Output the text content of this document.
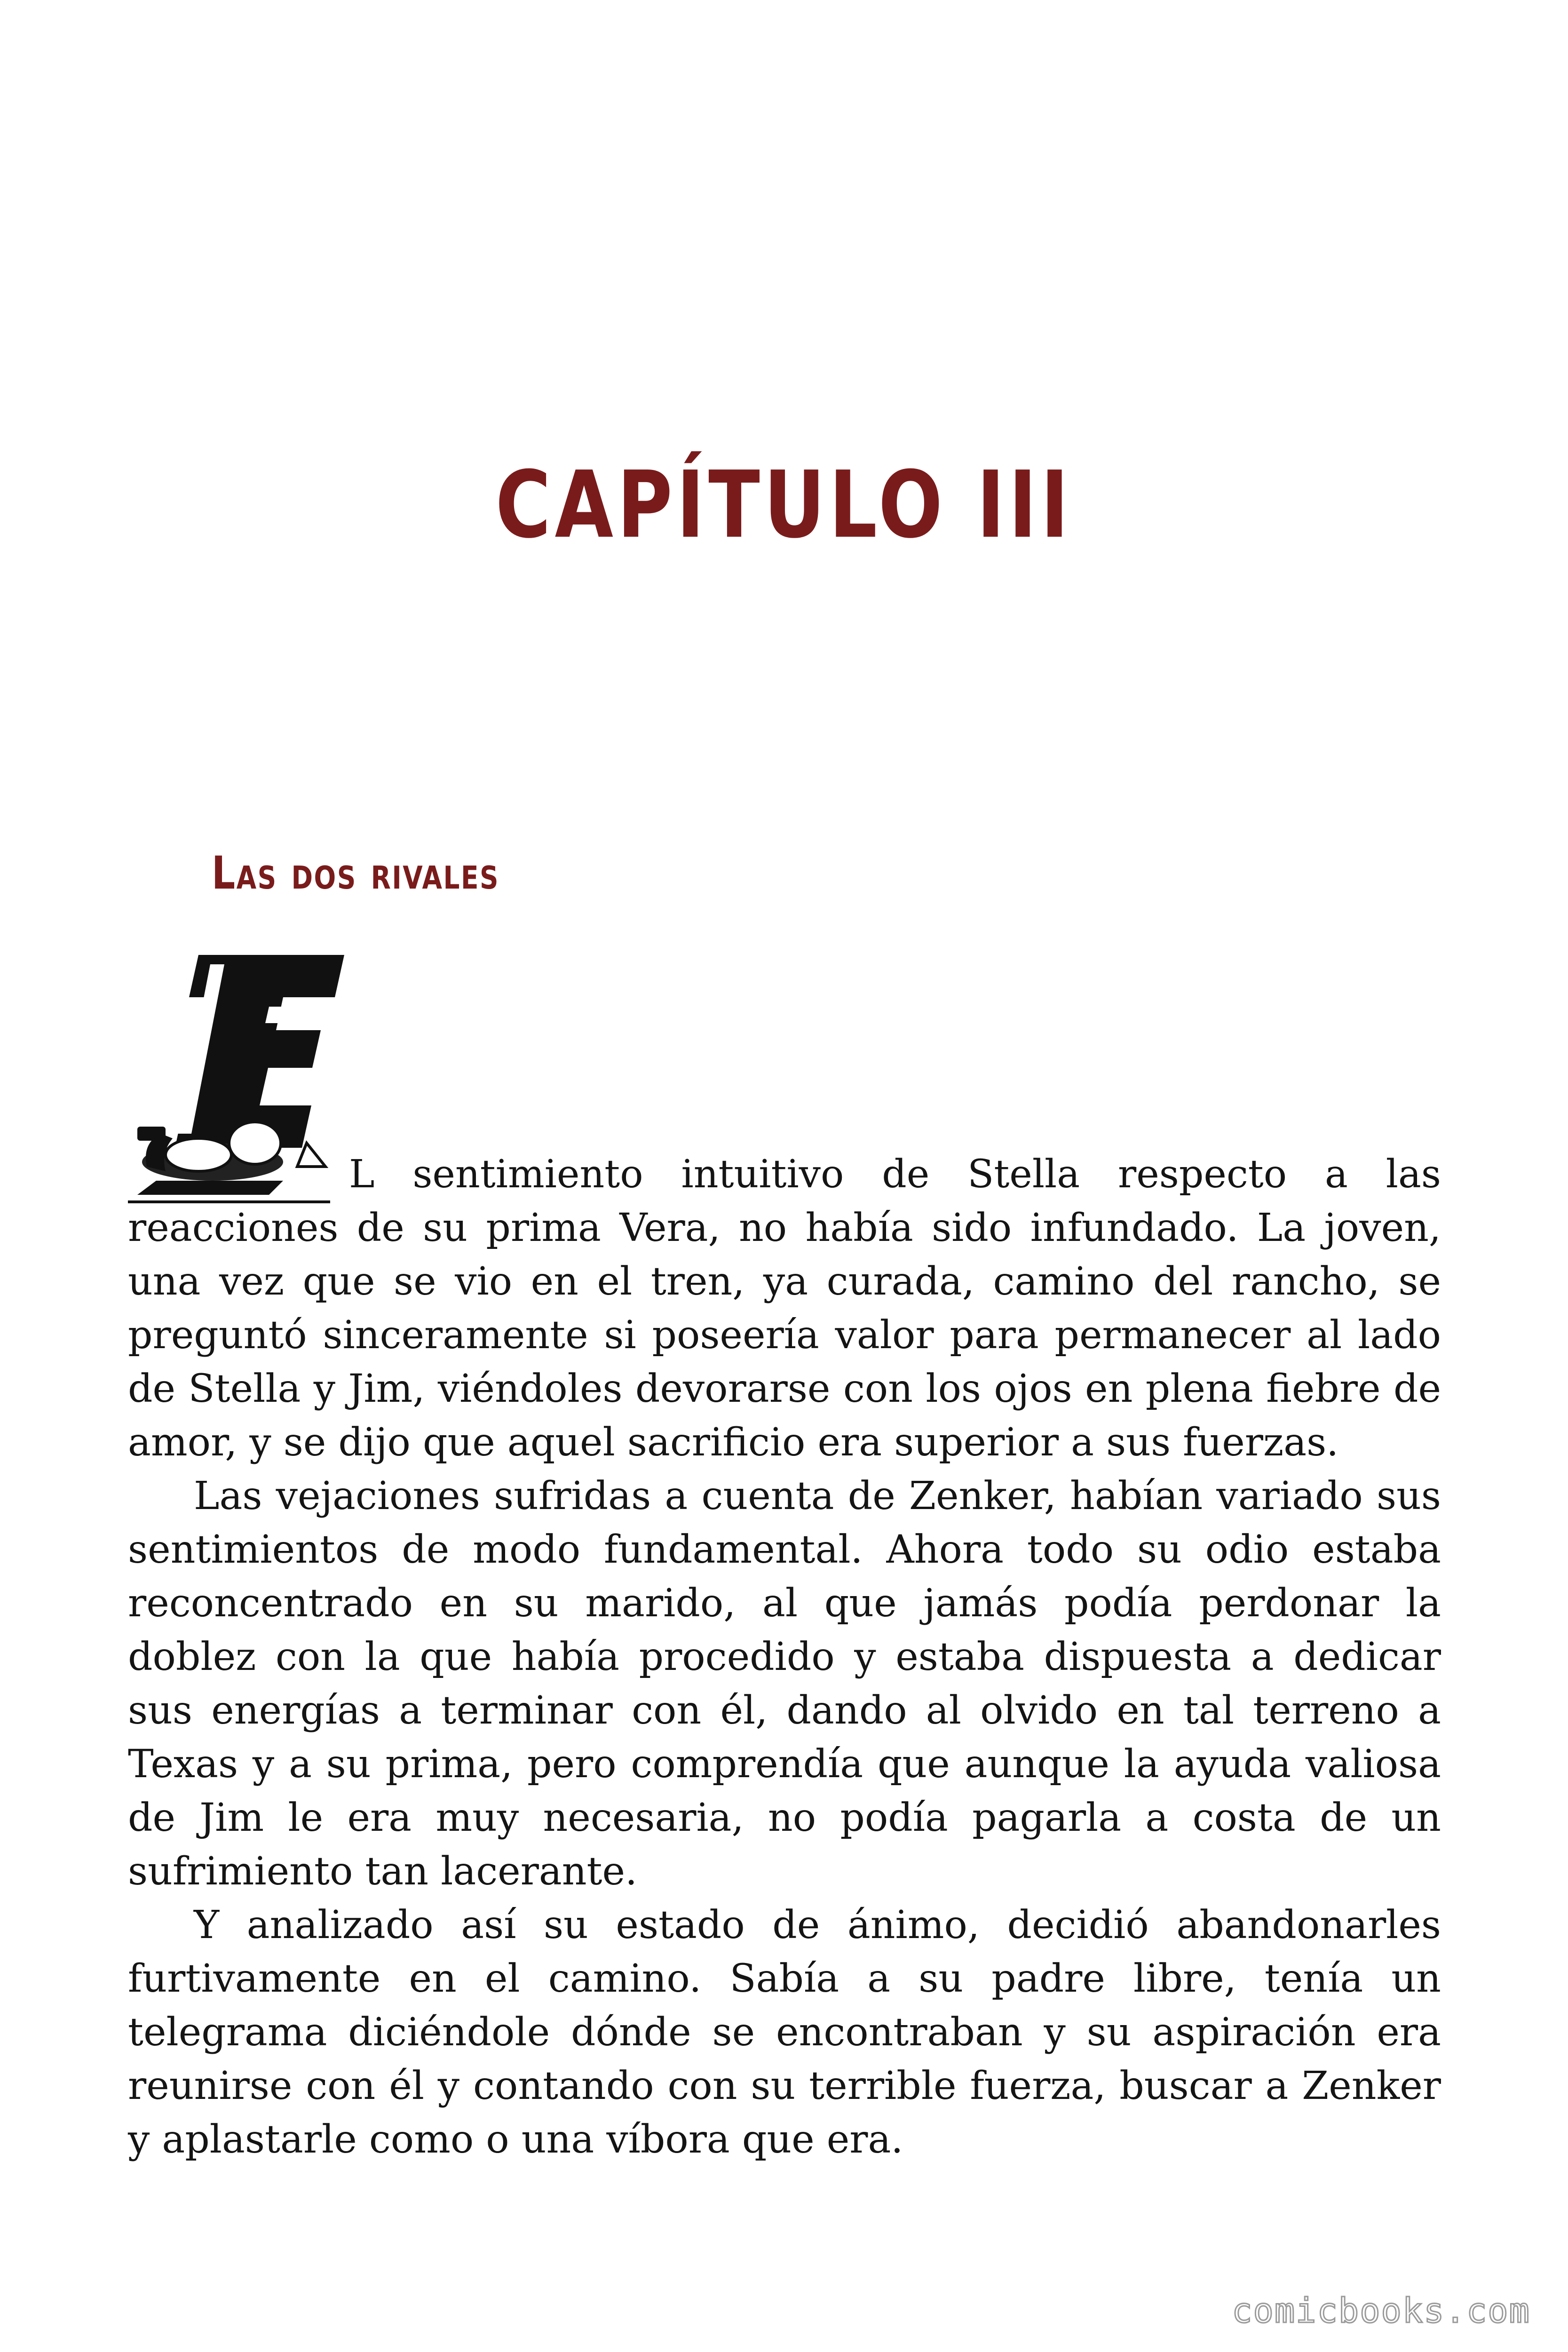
CAPÍTULO III
Las dos rivales

L sentimiento intuitivo de Stella respecto a las reacciones de su prima Vera, no había sido infundado. La joven, una vez que se vio en el tren, ya curada, camino del rancho, se preguntó sinceramente si poseería valor para permanecer al lado de Stella y Jim, viéndoles devorarse con los ojos en plena fiebre de amor, y se dijo que aquel sacrificio era superior a sus fuerzas.

Las vejaciones sufridas a cuenta de Zenker, habían variado sus sentimientos de modo fundamental. Ahora todo su odio estaba reconcentrado en su marido, al que jamás podía perdonar la doblez con la que había procedido y estaba dispuesta a dedicar sus energías a terminar con él, dando al olvido en tal terreno a Texas y a su prima, pero comprendía que aunque la ayuda valiosa de Jim le era muy necesaria, no podía pagarla a costa de un sufrimiento tan lacerante.

Y analizado así su estado de ánimo, decidió abandonarles furtivamente en el camino. Sabía a su padre libre, tenía un telegrama diciéndole dónde se encontraban y su aspiración era reunirse con él y contando con su terrible fuerza, buscar a Zenker y aplastarle como o una víbora que era.

comicbooks.com
